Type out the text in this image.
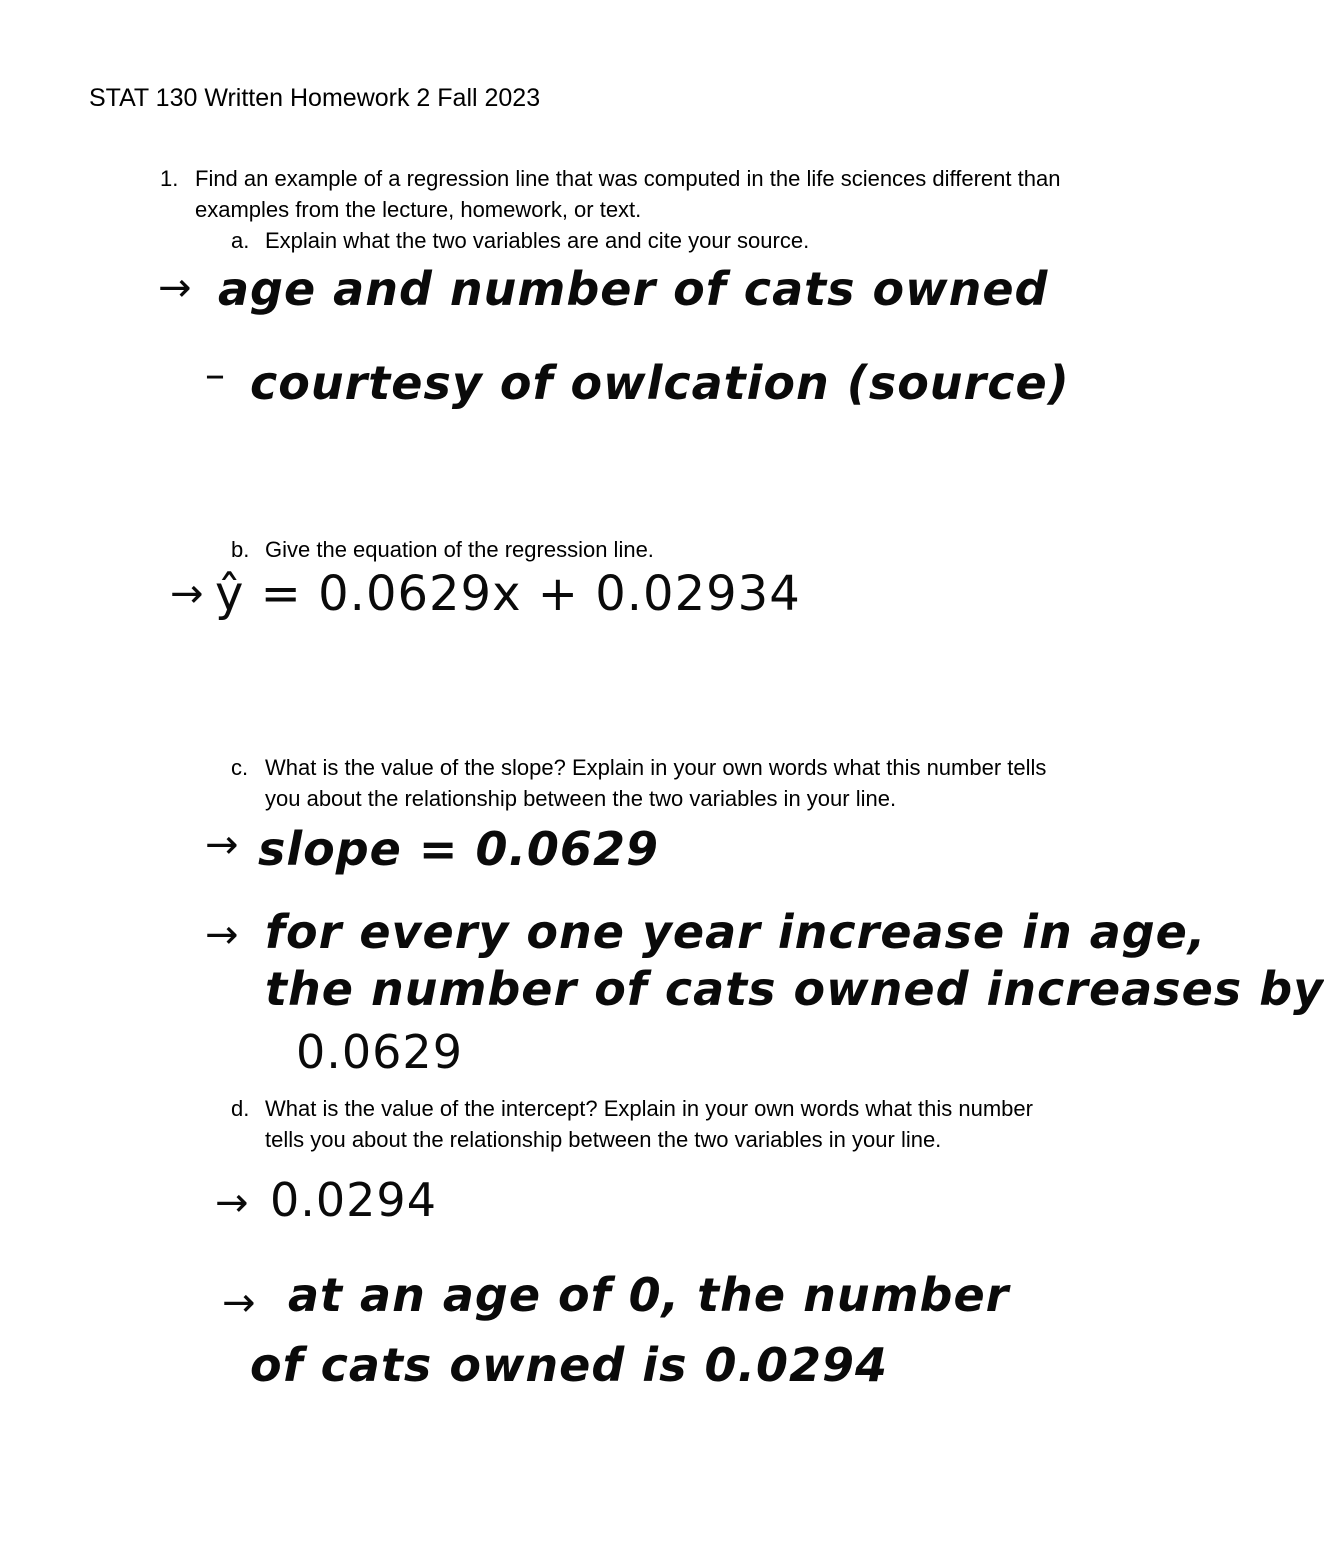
STAT 130 Written Homework 2 Fall 2023
1. Find an example of a regression line that was computed in the life sciences different than
examples from the lecture, homework, or text.
a. Explain what the two variables are and cite your source.
→ age and number of cats owned
– courtesy of owlcation (source)
b. Give the equation of the regression line.
→ ŷ = 0.0629x + 0.02934
c. What is the value of the slope? Explain in your own words what this number tells
you about the relationship between the two variables in your line.
→ slope = 0.0629
→ for every one year increase in age,
the number of cats owned increases by
0.0629
d. What is the value of the intercept? Explain in your own words what this number
tells you about the relationship between the two variables in your line.
→ 0.0294
→ at an age of 0, the number
of cats owned is 0.0294
